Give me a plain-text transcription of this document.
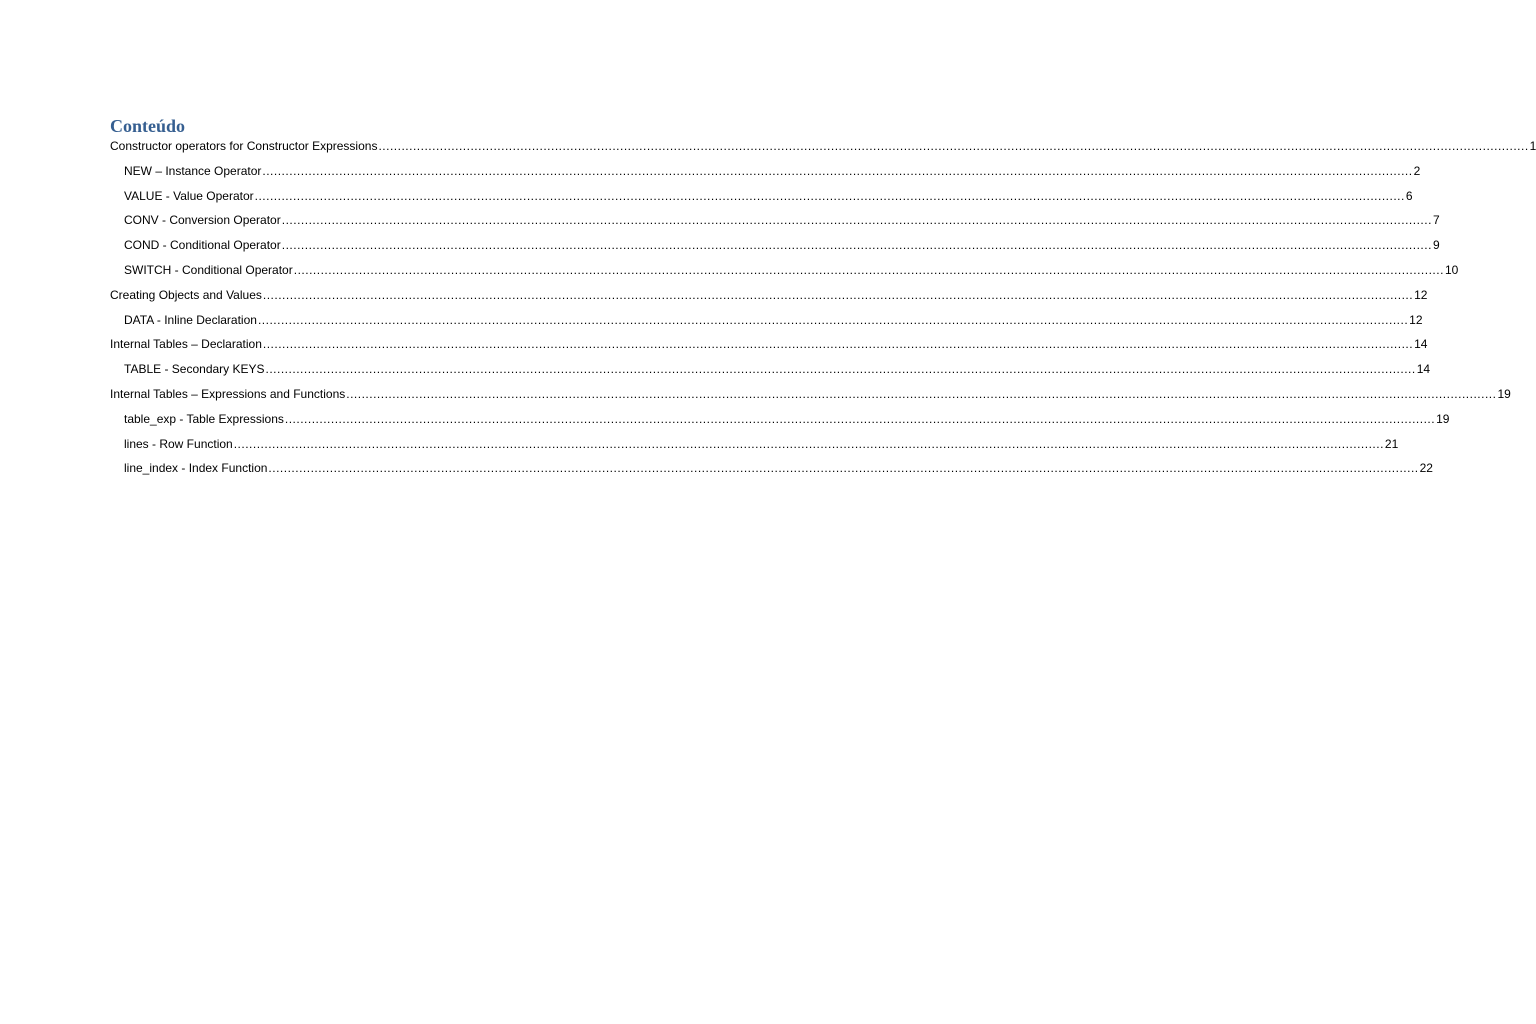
Conteúdo
Constructor operators for Constructor Expressions ............................................................................................................................................................................................................................................................................................................ 1
NEW – Instance Operator ............................................................................................................................................................................................................................................................................................................ 2
VALUE - Value Operator ............................................................................................................................................................................................................................................................................................................ 6
CONV - Conversion Operator ............................................................................................................................................................................................................................................................................................................ 7
COND - Conditional Operator ............................................................................................................................................................................................................................................................................................................ 9
SWITCH - Conditional Operator ............................................................................................................................................................................................................................................................................................................ 10
Creating Objects and Values ............................................................................................................................................................................................................................................................................................................ 12
DATA - Inline Declaration ............................................................................................................................................................................................................................................................................................................ 12
Internal Tables – Declaration ............................................................................................................................................................................................................................................................................................................ 14
TABLE - Secondary KEYS ............................................................................................................................................................................................................................................................................................................ 14
Internal Tables – Expressions and Functions ............................................................................................................................................................................................................................................................................................................ 19
table_exp - Table Expressions ............................................................................................................................................................................................................................................................................................................ 19
lines - Row Function ............................................................................................................................................................................................................................................................................................................ 21
line_index - Index Function ............................................................................................................................................................................................................................................................................................................ 22
